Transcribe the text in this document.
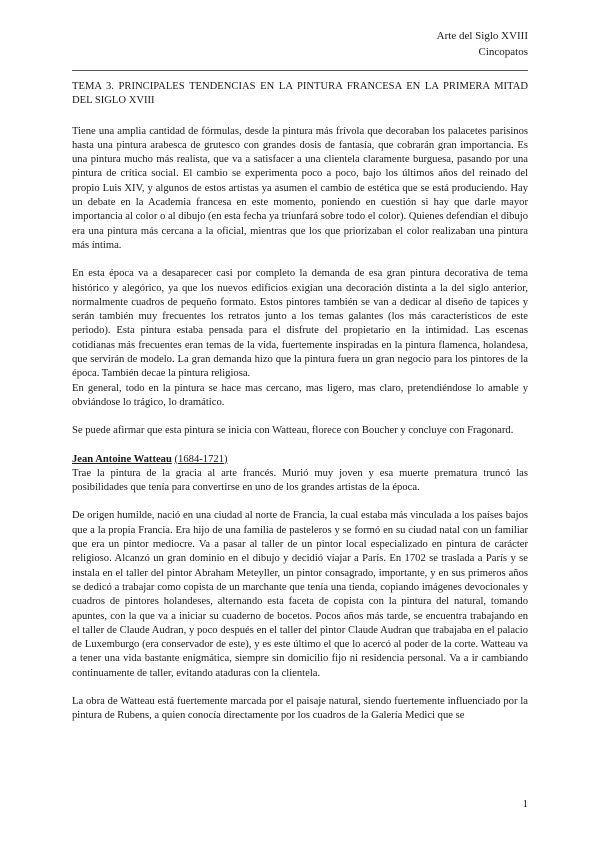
Arte del Siglo XVIII
Cincopatos
TEMA 3. PRINCIPALES TENDENCIAS EN LA PINTURA FRANCESA EN LA PRIMERA MITAD DEL SIGLO XVIII

Tiene una amplia cantidad de fórmulas, desde la pintura más frívola que decoraban los palacetes parisinos hasta una pintura arabesca de grutesco con grandes dosis de fantasía, que cobrarán gran importancia. Es una pintura mucho más realista, que va a satisfacer a una clientela claramente burguesa, pasando por una pintura de crítica social. El cambio se experimenta poco a poco, bajo los últimos años del reinado del propio Luis XIV, y algunos de estos artistas ya asumen el cambio de estética que se está produciendo. Hay un debate en la Academia francesa en este momento, poniendo en cuestión si hay que darle mayor importancia al color o al dibujo (en esta fecha ya triunfará sobre todo el color). Quienes defendían el dibujo era una pintura más cercana a la oficial, mientras que los que priorizaban el color realizaban una pintura más íntima.

En esta época va a desaparecer casi por completo la demanda de esa gran pintura decorativa de tema histórico y alegórico, ya que los nuevos edificios exigían una decoración distinta a la del siglo anterior, normalmente cuadros de pequeño formato. Estos pintores también se van a dedicar al diseño de tapices y serán también muy frecuentes los retratos junto a los temas galantes (los más característicos de este periodo). Esta pintura estaba pensada para el disfrute del propietario en la intimidad. Las escenas cotidianas más frecuentes eran temas de la vida, fuertemente inspiradas en la pintura flamenca, holandesa, que servirán de modelo. La gran demanda hizo que la pintura fuera un gran negocio para los pintores de la época. También decae la pintura religiosa.

En general, todo en la pintura se hace mas cercano, mas ligero, mas claro, pretendiéndose lo amable y obviándose lo trágico, lo dramático.

Se puede afirmar que esta pintura se inicia con Watteau, florece con Boucher y concluye con Fragonard.

Jean Antoine Watteau (1684-1721)

Trae la pintura de la gracia al arte francés. Murió muy joven y esa muerte prematura truncó las posibilidades que tenía para convertirse en uno de los grandes artistas de la época.

De origen humilde, nació en una ciudad al norte de Francia, la cual estaba más vinculada a los países bajos que a la propia Francia. Era hijo de una familia de pasteleros y se formó en su ciudad natal con un familiar que era un pintor mediocre. Va a pasar al taller de un pintor local especializado en pintura de carácter religioso. Alcanzó un gran dominio en el dibujo y decidió viajar a París. En 1702 se traslada a París y se instala en el taller del pintor Abraham Meteyller, un pintor consagrado, importante, y en sus primeros años se dedicó a trabajar como copista de un marchante que tenía una tienda, copiando imágenes devocionales y cuadros de pintores holandeses, alternando esta faceta de copista con la pintura del natural, tomando apuntes, con la que va a iniciar su cuaderno de bocetos. Pocos años más tarde, se encuentra trabajando en el taller de Claude Audran, y poco después en el taller del pintor Claude Audran que trabajaba en el palacio de Luxemburgo (era conservador de este), y es este último el que lo acercó al poder de la corte. Watteau va a tener una vida bastante enigmática, siempre sin domicilio fijo ni residencia personal. Va a ir cambiando continuamente de taller, evitando ataduras con la clientela.

La obra de Watteau está fuertemente marcada por el paisaje natural, siendo fuertemente influenciado por la pintura de Rubens, a quien conocía directamente por los cuadros de la Galería Medici que se

1
